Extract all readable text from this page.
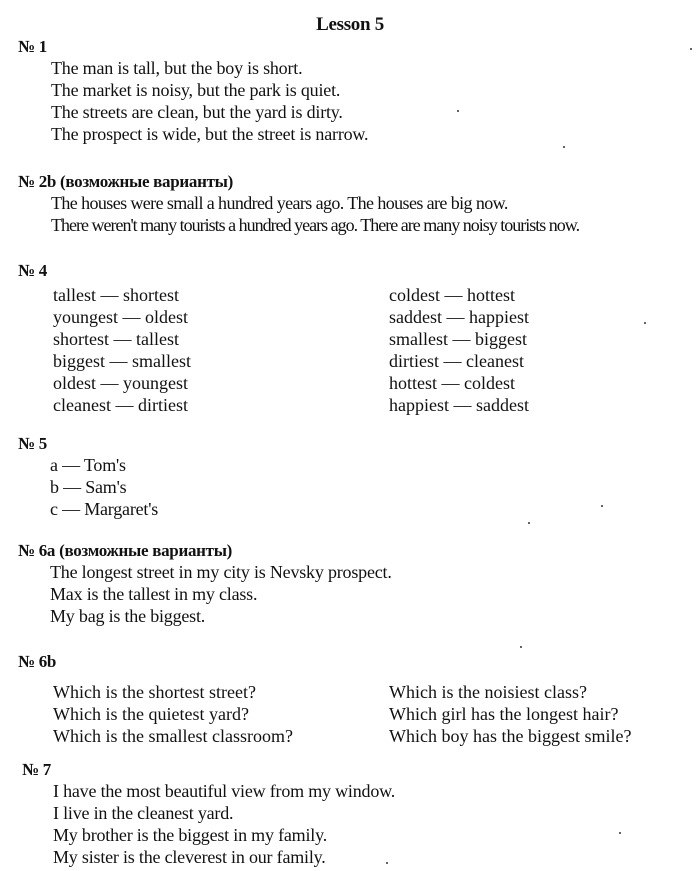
Lesson 5
№ 1
The man is tall, but the boy is short.
The market is noisy, but the park is quiet.
The streets are clean, but the yard is dirty.
The prospect is wide, but the street is narrow.
№ 2b (возможные варианты)
The houses were small a hundred years ago. The houses are big now.
There weren't many tourists a hundred years ago. There are many noisy tourists now.
№ 4
tallest — shortest
youngest — oldest
shortest — tallest
biggest — smallest
oldest — youngest
cleanest — dirtiest
coldest — hottest
saddest — happiest
smallest — biggest
dirtiest — cleanest
hottest — coldest
happiest — saddest
№ 5
a — Tom's
b — Sam's
c — Margaret's
№ 6a (возможные варианты)
The longest street in my city is Nevsky prospect.
Max is the tallest in my class.
My bag is the biggest.
№ 6b
Which is the shortest street?
Which is the quietest yard?
Which is the smallest classroom?
Which is the noisiest class?
Which girl has the longest hair?
Which boy has the biggest smile?
№ 7
I have the most beautiful view from my window.
I live in the cleanest yard.
My brother is the biggest in my family.
My sister is the cleverest in our family.
